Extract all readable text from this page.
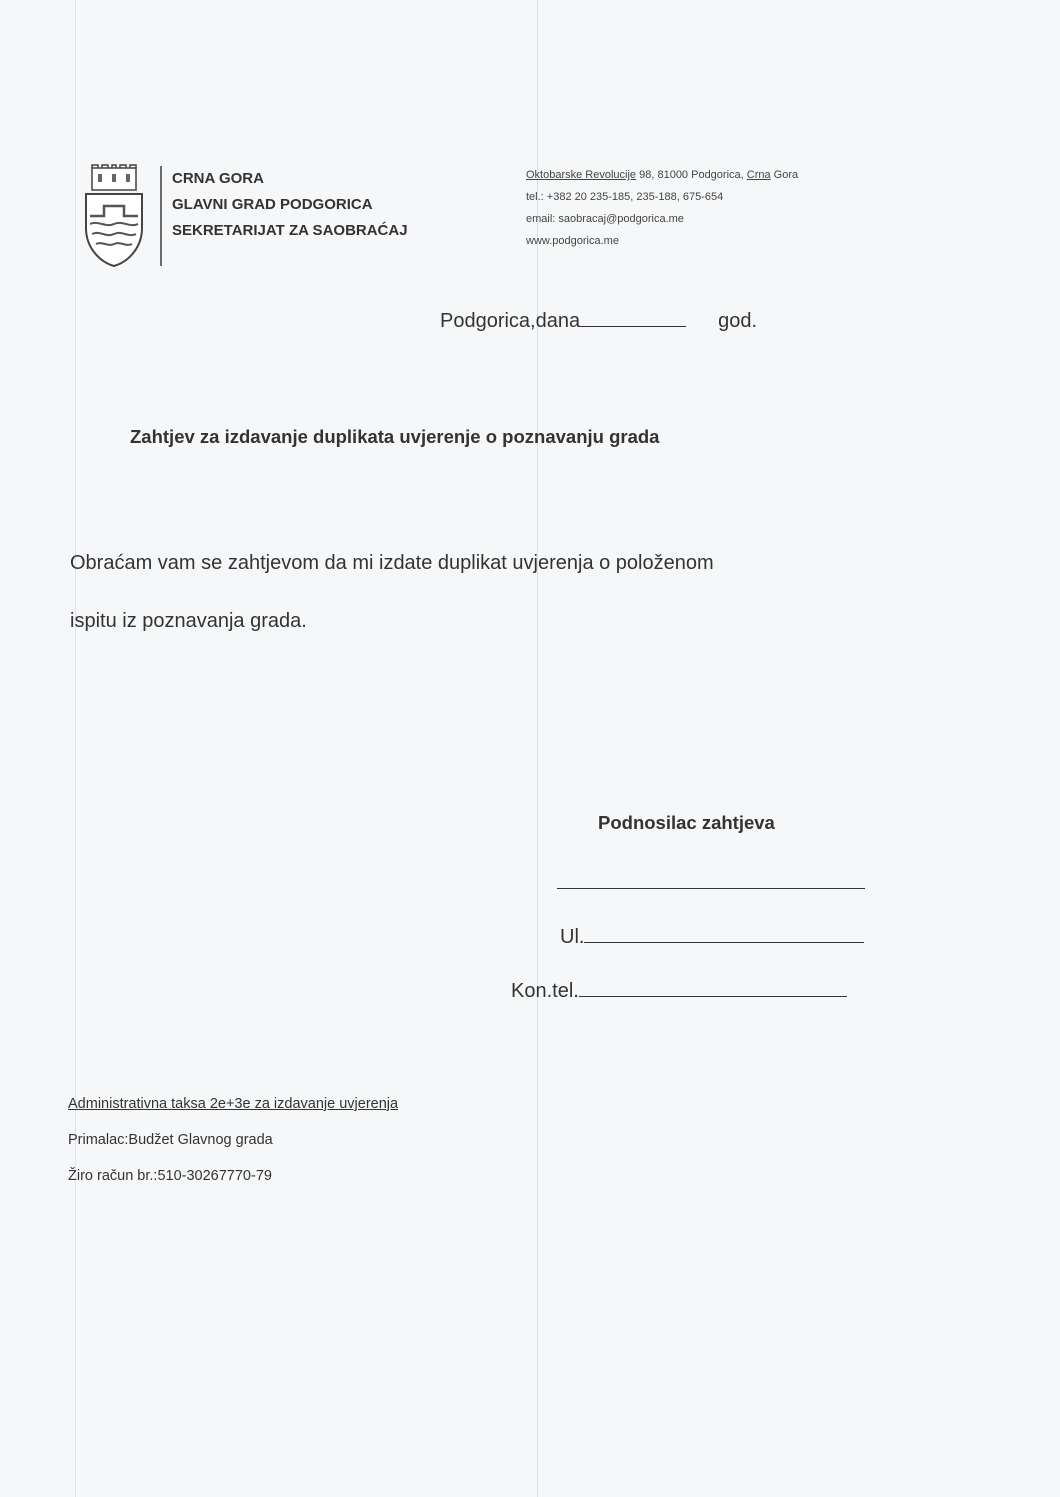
CRNA GORA
GLAVNI GRAD PODGORICA
SEKRETARIJAT ZA SAOBRAĆAJ
Oktobarske Revolucije 98, 81000 Podgorica, Crna Gora
tel.: +382 20 235-185, 235-188, 675-654
email: saobracaj@podgorica.me
www.podgorica.me
Podgorica,dana	god.
Zahtjev za izdavanje duplikata uvjerenje o poznavanju grada
Obraćam vam se zahtjevom da mi izdate duplikat uvjerenja o položenom
ispitu iz poznavanja grada.
Podnosilac zahtjeva
Ul.
Kon.tel.
Administrativna taksa 2e+3e za izdavanje uvjerenja
Primalac:Budžet Glavnog grada
Žiro račun br.:510-30267770-79
